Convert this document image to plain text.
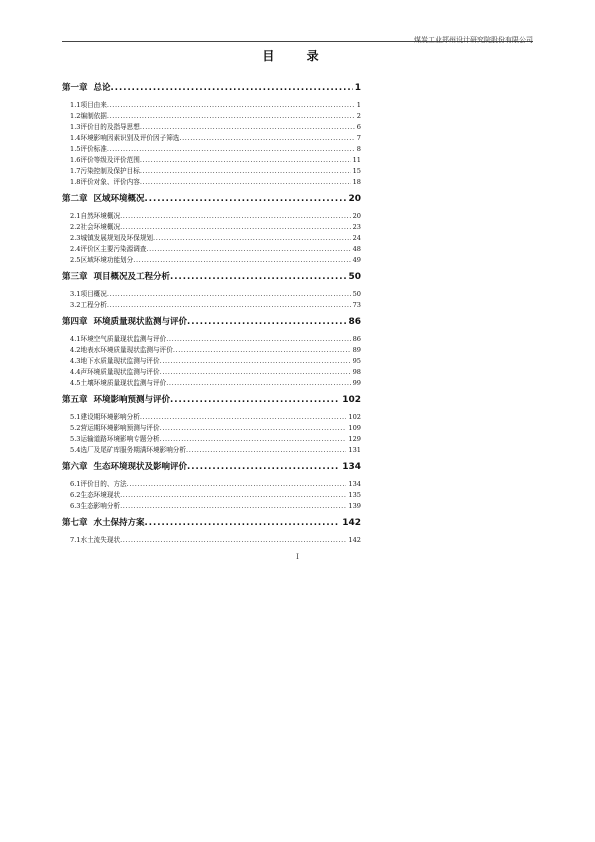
煤炭工业郑州设计研究院股份有限公司
目 录
第一章 总论 .....	1
1.1项目由来 .....	1
1.2编制依据 .....	2
1.3评价目的及指导思想 .....	6
1.4环境影响因素识别及评价因子筛选 .....	7
1.5评价标准 .....	8
1.6评价等级及评价范围 .....	11
1.7污染控制及保护目标 .....	15
1.8评价对象、评价内容 .....	18
第二章 区域环境概况 .....	20
2.1自然环境概况 .....	20
2.2社会环境概况 .....	23
2.3城镇发展规划及环保规划 .....	24
2.4评价区主要污染源调查 .....	48
2.5区域环境功能划分 .....	49
第三章 项目概况及工程分析 .....	50
3.1项目概况 .....	50
3.2工程分析 .....	73
第四章 环境质量现状监测与评价 .....	86
4.1环境空气质量现状监测与评价 .....	86
4.2地表水环境质量现状监测与评价 .....	89
4.3地下水质量现状监测与评价 .....	95
4.4声环境质量现状监测与评价 .....	98
4.5土壤环境质量现状监测与评价 .....	99
第五章 环境影响预测与评价 .....	102
5.1建设期环境影响分析 .....	102
5.2营运期环境影响预测与评价 .....	109
5.3运输道路环境影响专题分析 .....	129
5.4选厂及尾矿库服务期满环境影响分析 .....	131
第六章 生态环境现状及影响评价 .....	134
6.1评价目的、方法 .....	134
6.2生态环境现状 .....	135
6.3生态影响分析 .....	139
第七章 水土保持方案 .....	142
7.1水土流失现状 .....	142
I
